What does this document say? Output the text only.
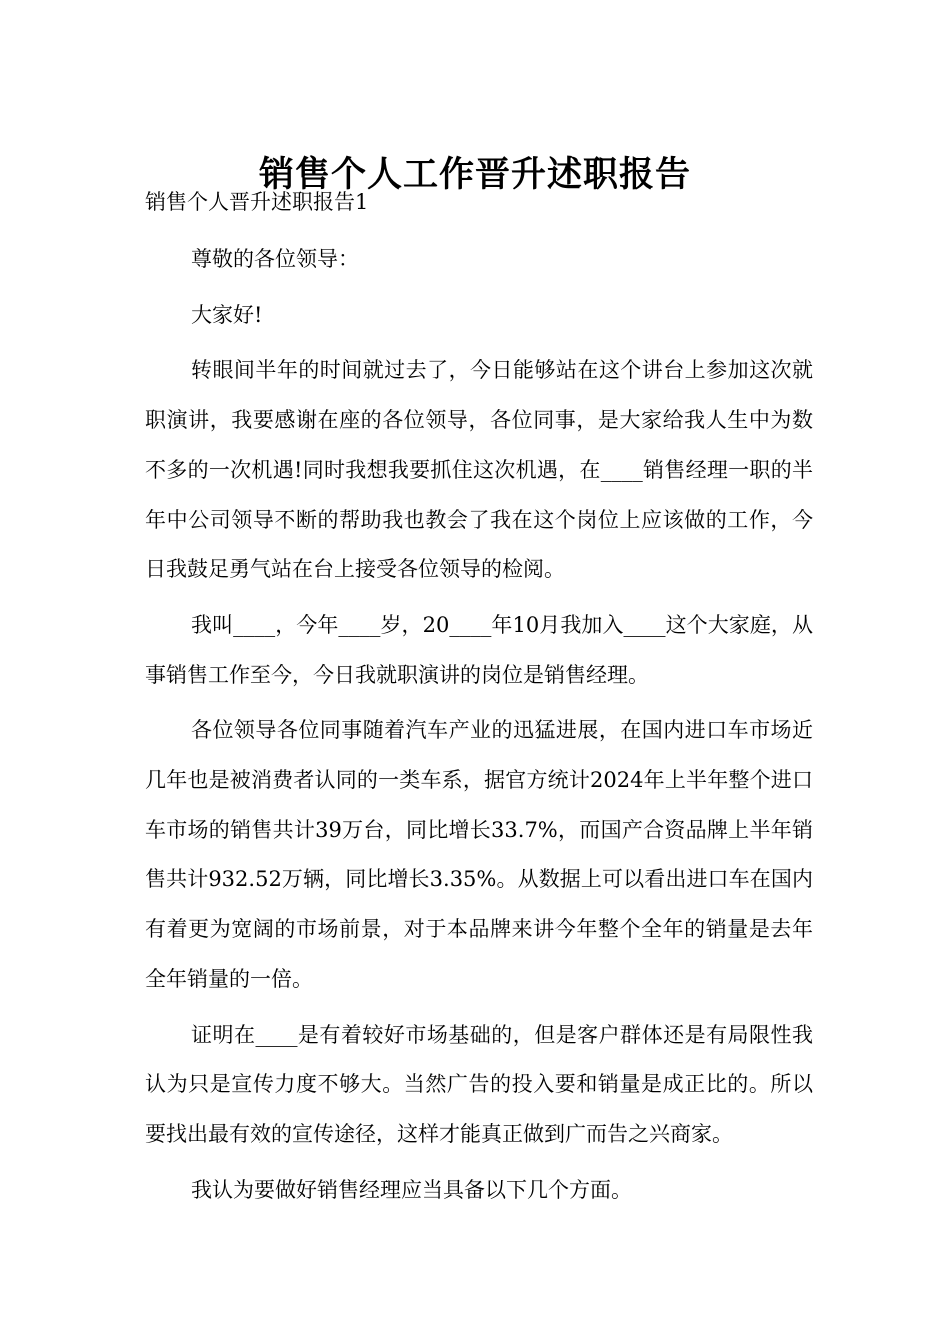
销售个人工作晋升述职报告
销售个人晋升述职报告1

尊敬的各位领导：

大家好!

转眼间半年的时间就过去了，今日能够站在这个讲台上参加这次就职演讲，我要感谢在座的各位领导，各位同事，是大家给我人生中为数不多的一次机遇!同时我想我要抓住这次机遇，在____销售经理一职的半年中公司领导不断的帮助我也教会了我在这个岗位上应该做的工作，今日我鼓足勇气站在台上接受各位领导的检阅。

我叫____，今年____岁，20____年10月我加入____这个大家庭，从事销售工作至今，今日我就职演讲的岗位是销售经理。

各位领导各位同事随着汽车产业的迅猛进展，在国内进口车市场近几年也是被消费者认同的一类车系，据官方统计2024年上半年整个进口车市场的销售共计39万台，同比增长33.7%，而国产合资品牌上半年销售共计932.52万辆，同比增长3.35%。从数据上可以看出进口车在国内有着更为宽阔的市场前景，对于本品牌来讲今年整个全年的销量是去年全年销量的一倍。

证明在____是有着较好市场基础的，但是客户群体还是有局限性我认为只是宣传力度不够大。当然广告的投入要和销量是成正比的。所以要找出最有效的宣传途径，这样才能真正做到广而告之兴商家。

我认为要做好销售经理应当具备以下几个方面。
